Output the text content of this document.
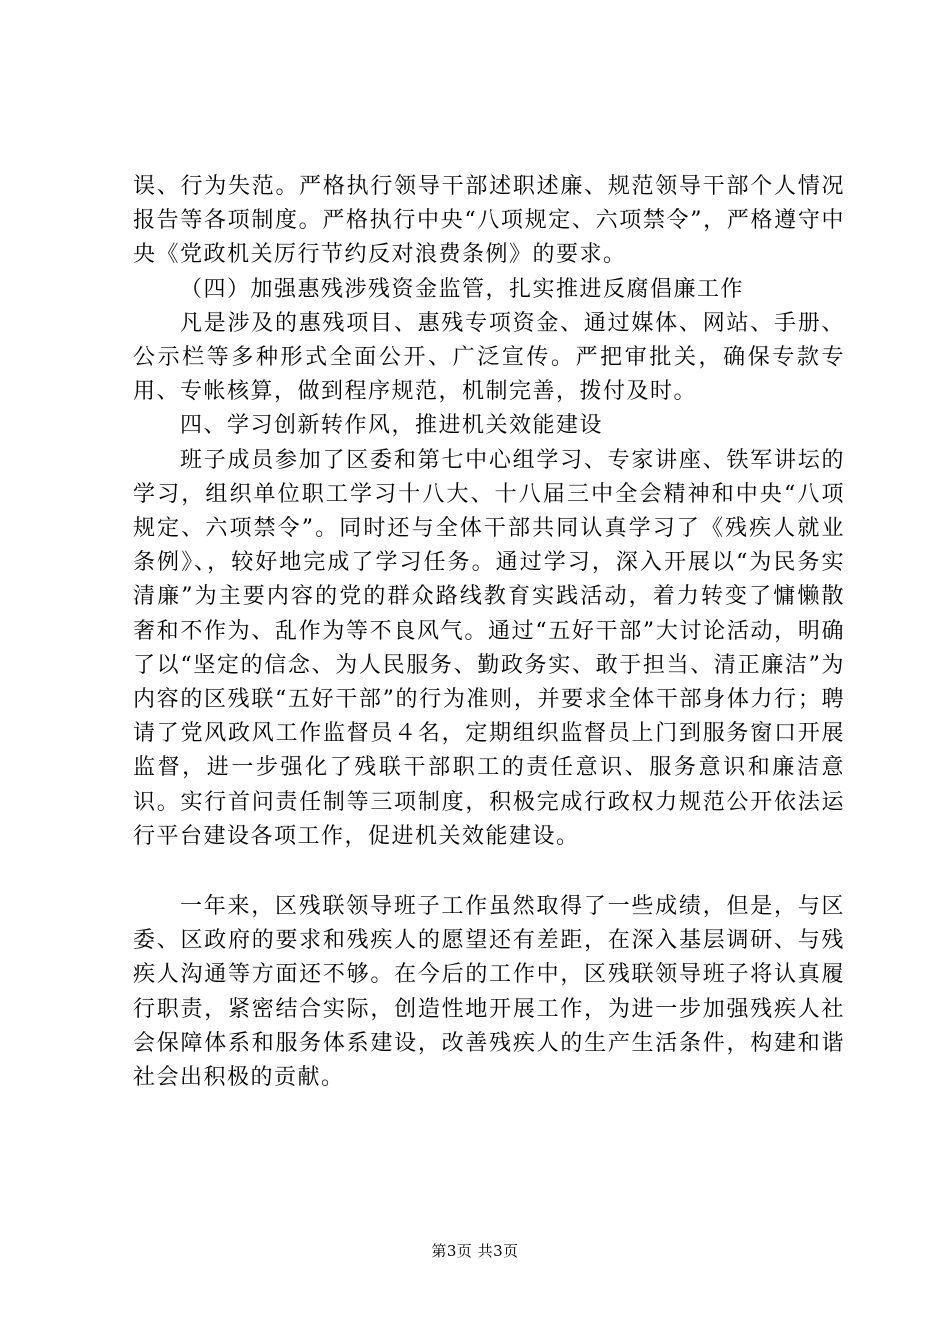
误、行为失范。严格执行领导干部述职述廉、规范领导干部个人情况报告等各项制度。严格执行中央“八项规定、六项禁令”，严格遵守中央《党政机关厉行节约反对浪费条例》的要求。

（四）加强惠残涉残资金监管，扎实推进反腐倡廉工作

凡是涉及的惠残项目、惠残专项资金、通过媒体、网站、手册、公示栏等多种形式全面公开、广泛宣传。严把审批关，确保专款专用、专帐核算，做到程序规范，机制完善，拨付及时。

四、学习创新转作风，推进机关效能建设

班子成员参加了区委和第七中心组学习、专家讲座、铁军讲坛的学习，组织单位职工学习十八大、十八届三中全会精神和中央“八项规定、六项禁令”。同时还与全体干部共同认真学习了《残疾人就业条例》、，较好地完成了学习任务。通过学习，深入开展以“为民务实清廉”为主要内容的党的群众路线教育实践活动，着力转变了慵懒散奢和不作为、乱作为等不良风气。通过“五好干部”大讨论活动，明确了以“坚定的信念、为人民服务、勤政务实、敢于担当、清正廉洁”为内容的区残联“五好干部”的行为准则，并要求全体干部身体力行；聘请了党风政风工作监督员４名，定期组织监督员上门到服务窗口开展监督，进一步强化了残联干部职工的责任意识、服务意识和廉洁意识。实行首问责任制等三项制度，积极完成行政权力规范公开依法运行平台建设各项工作，促进机关效能建设。

一年来，区残联领导班子工作虽然取得了一些成绩，但是，与区委、区政府的要求和残疾人的愿望还有差距，在深入基层调研、与残疾人沟通等方面还不够。在今后的工作中，区残联领导班子将认真履行职责，紧密结合实际，创造性地开展工作，为进一步加强残疾人社会保障体系和服务体系建设，改善残疾人的生产生活条件，构建和谐社会出积极的贡献。

第3页 共3页
